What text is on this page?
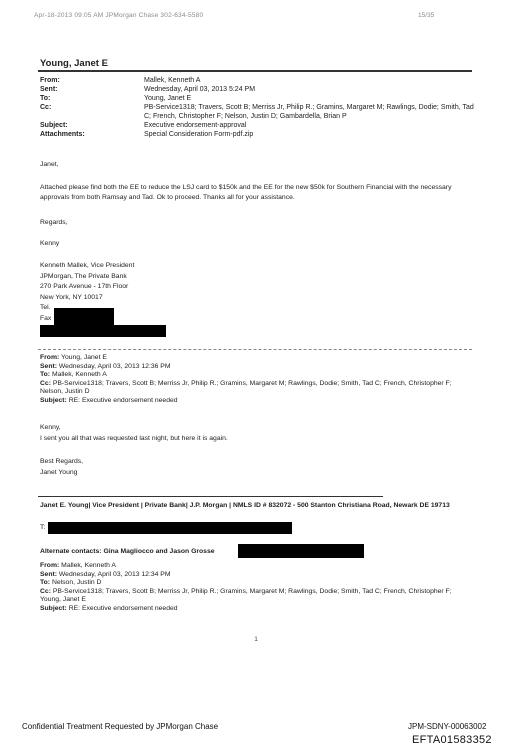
Apr-18-2013 09:05 AM JPMorgan Chase 302-634-5580	15/35
Young, Janet E
From:	Mallek, Kenneth A
Sent:	Wednesday, April 03, 2013 5:24 PM
To:	Young, Janet E
Cc:	PB-Service1318; Travers, Scott B; Merriss Jr, Philip R.; Gramins, Margaret M; Rawlings, Dodie; Smith, Tad C; French, Christopher F; Nelson, Justin D; Gambardella, Brian P
Subject:	Executive endorsement-approval
Attachments:	Special Consideration Form-pdf.zip
Janet,
Attached please find both the EE to reduce the LSJ card to $150k and the EE for the new $50k for Southern Financial with the necessary approvals from both Ramsay and Tad. Ok to proceed. Thanks all for your assistance.
Regards,
Kenny
Kenneth Mallek, Vice President
JPMorgan, The Private Bank
270 Park Avenue - 17th Floor
New York, NY 10017
Tel.
Fax
From: Young, Janet E
Sent: Wednesday, April 03, 2013 12:36 PM
To: Mallek, Kenneth A
Cc: PB-Service1318; Travers, Scott B; Merriss Jr, Philip R.; Gramins, Margaret M; Rawlings, Dodie; Smith, Tad C; French, Christopher F; Nelson, Justin D
Subject: RE: Executive endorsement needed
Kenny,
I sent you all that was requested last night, but here it is again.
Best Regards,
Janet Young
Janet E. Young| Vice President | Private Bank| J.P. Morgan | NMLS ID # 832072 - 500 Stanton Christiana Road, Newark DE 19713
T:
Alternate contacts: Gina Magliocco and Jason Grosse
From: Mallek, Kenneth A
Sent: Wednesday, April 03, 2013 12:34 PM
To: Nelson, Justin D
Cc: PB-Service1318; Travers, Scott B; Merriss Jr, Philip R.; Gramins, Margaret M; Rawlings, Dodie; Smith, Tad C; French, Christopher F; Young, Janet E
Subject: RE: Executive endorsement needed
1
Confidential Treatment Requested by JPMorgan Chase	JPM-SDNY-00063002
EFTA01583352
